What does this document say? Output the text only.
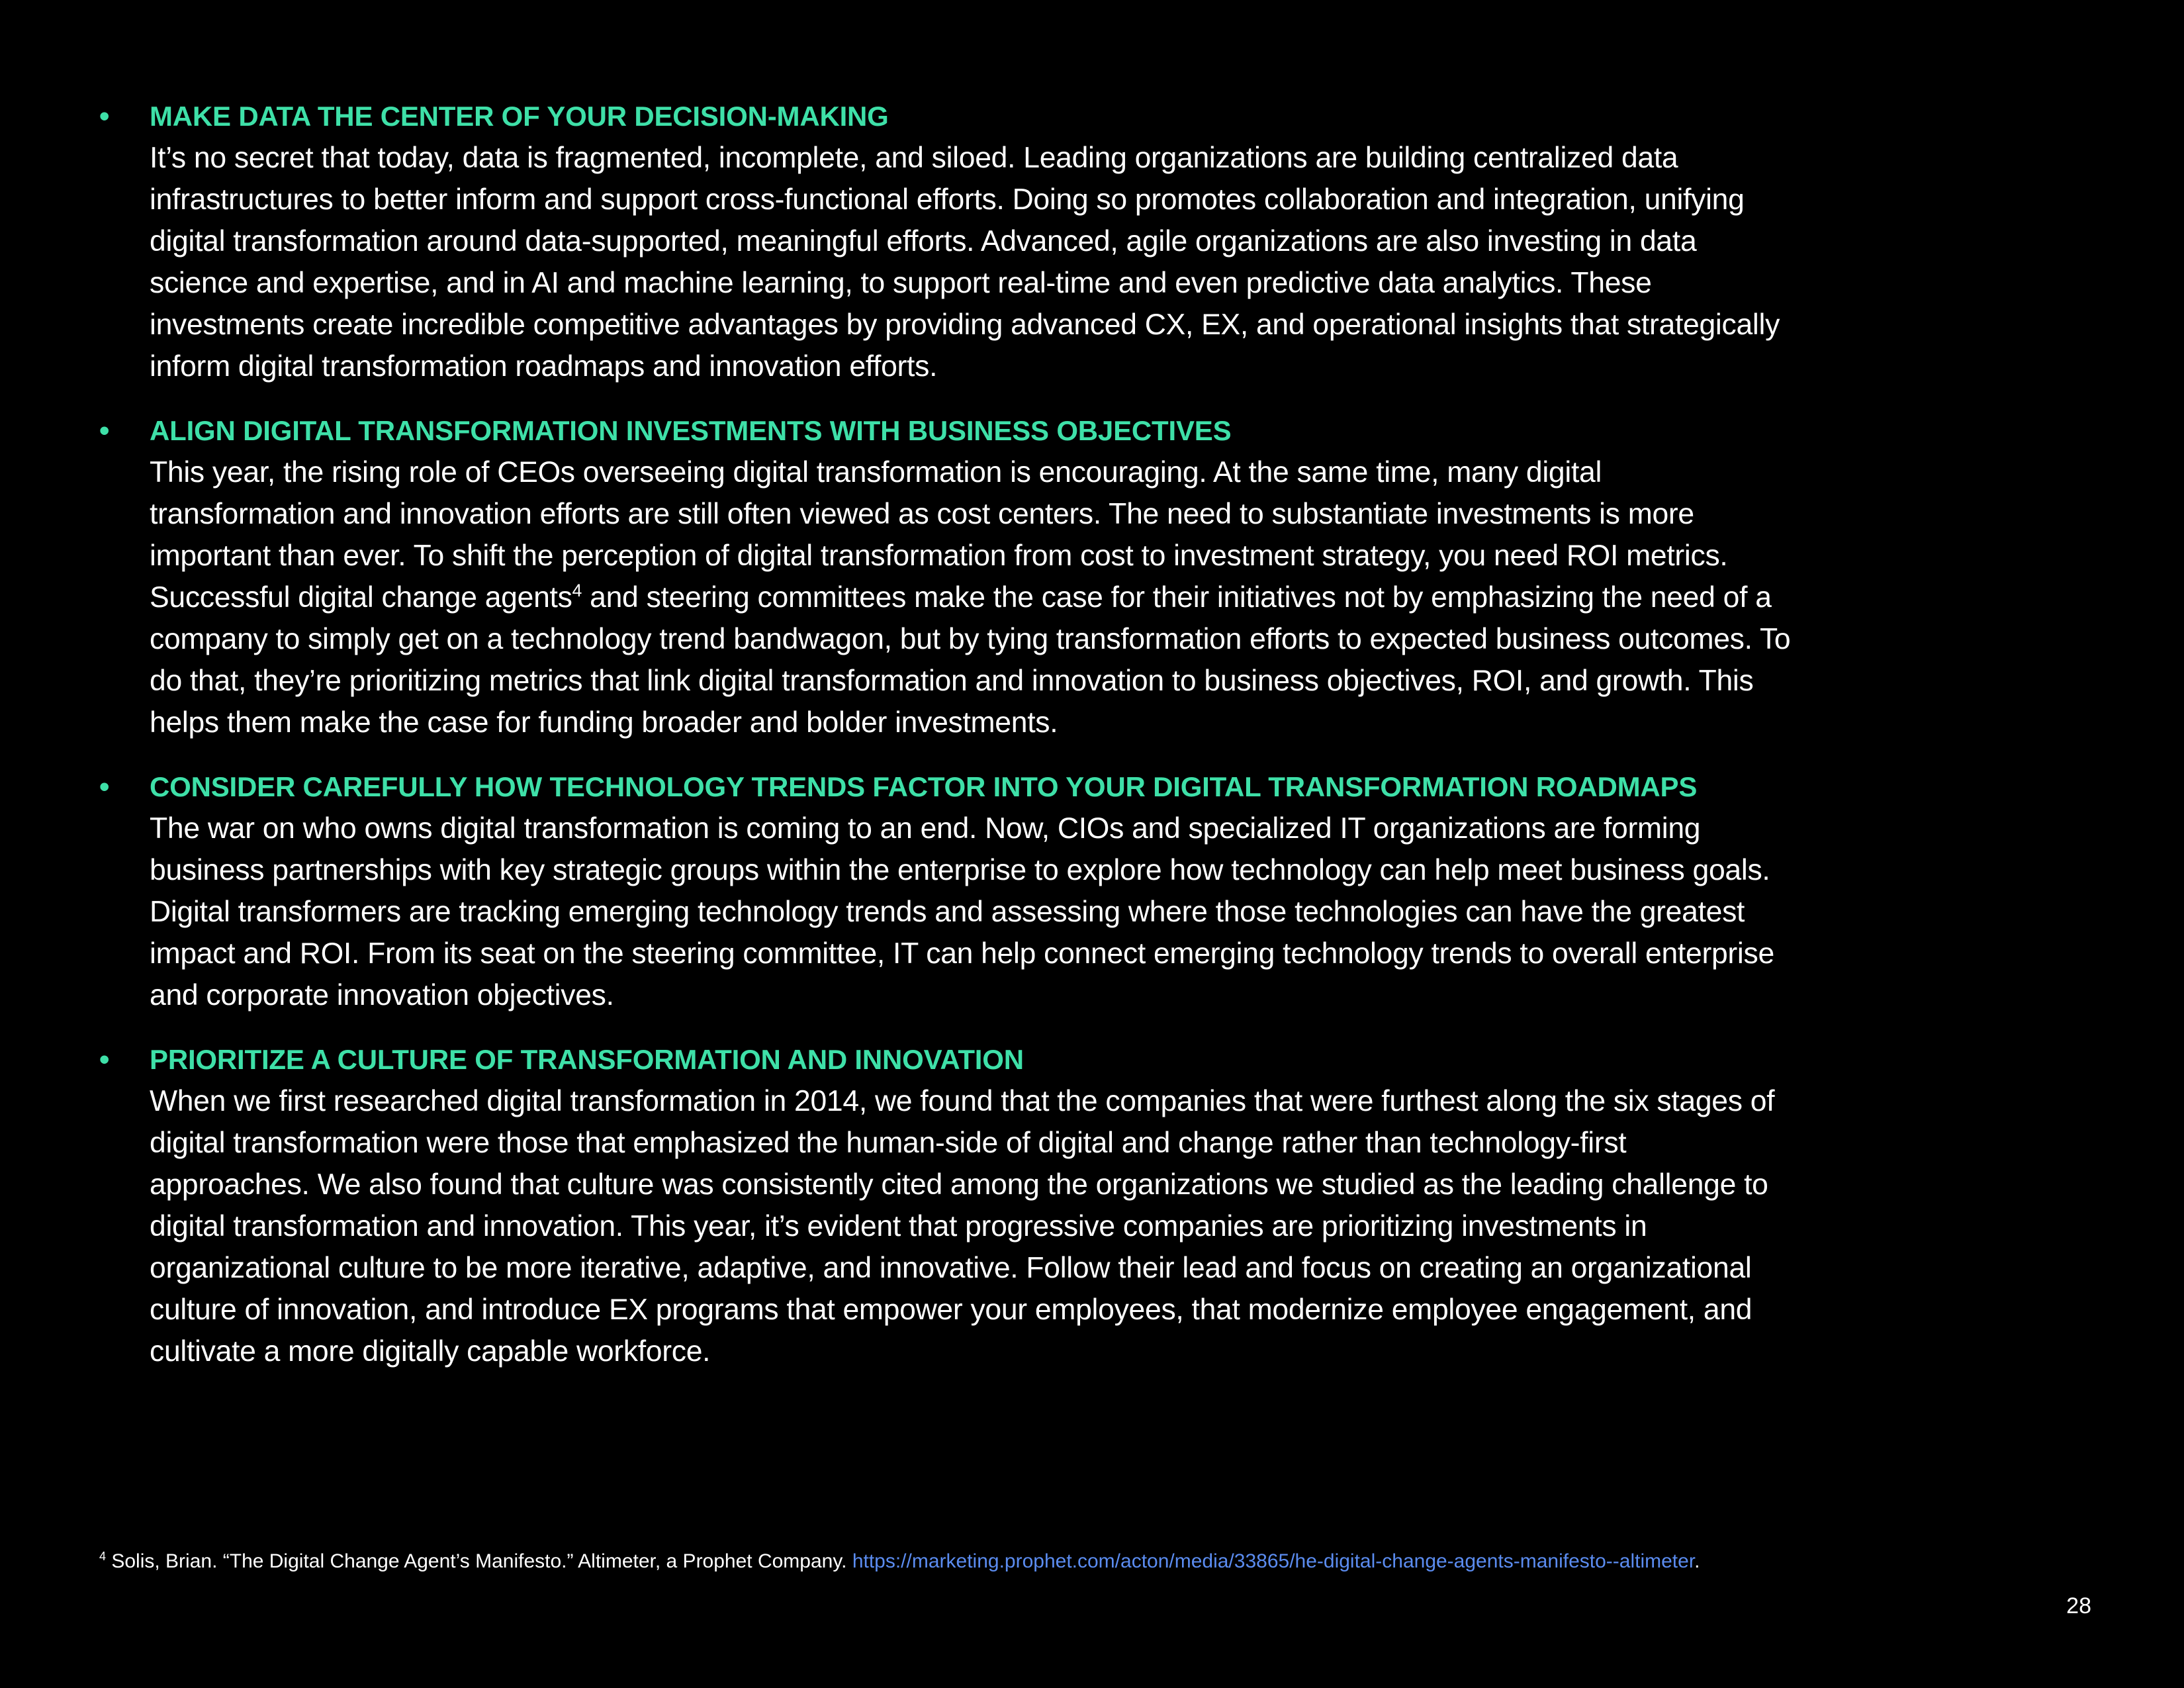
• MAKE DATA THE CENTER OF YOUR DECISION-MAKING
It’s no secret that today, data is fragmented, incomplete, and siloed. Leading organizations are building centralized data infrastructures to better inform and support cross-functional efforts. Doing so promotes collaboration and integration, unifying digital transformation around data-supported, meaningful efforts. Advanced, agile organizations are also investing in data science and expertise, and in AI and machine learning, to support real-time and even predictive data analytics. These investments create incredible competitive advantages by providing advanced CX, EX, and operational insights that strategically inform digital transformation roadmaps and innovation efforts.
• ALIGN DIGITAL TRANSFORMATION INVESTMENTS WITH BUSINESS OBJECTIVES
This year, the rising role of CEOs overseeing digital transformation is encouraging. At the same time, many digital transformation and innovation efforts are still often viewed as cost centers. The need to substantiate investments is more important than ever. To shift the perception of digital transformation from cost to investment strategy, you need ROI metrics. Successful digital change agents$^4$ and steering committees make the case for their initiatives not by emphasizing the need of a company to simply get on a technology trend bandwagon, but by tying transformation efforts to expected business outcomes. To do that, they’re prioritizing metrics that link digital transformation and innovation to business objectives, ROI, and growth. This helps them make the case for funding broader and bolder investments.
• CONSIDER CAREFULLY HOW TECHNOLOGY TRENDS FACTOR INTO YOUR DIGITAL TRANSFORMATION ROADMAPS
The war on who owns digital transformation is coming to an end. Now, CIOs and specialized IT organizations are forming business partnerships with key strategic groups within the enterprise to explore how technology can help meet business goals. Digital transformers are tracking emerging technology trends and assessing where those technologies can have the greatest impact and ROI. From its seat on the steering committee, IT can help connect emerging technology trends to overall enterprise and corporate innovation objectives.
• PRIORITIZE A CULTURE OF TRANSFORMATION AND INNOVATION
When we first researched digital transformation in 2014, we found that the companies that were furthest along the six stages of digital transformation were those that emphasized the human-side of digital and change rather than technology-first approaches. We also found that culture was consistently cited among the organizations we studied as the leading challenge to digital transformation and innovation. This year, it’s evident that progressive companies are prioritizing investments in organizational culture to be more iterative, adaptive, and innovative. Follow their lead and focus on creating an organizational culture of innovation, and introduce EX programs that empower your employees, that modernize employee engagement, and cultivate a more digitally capable workforce.
$^4$ Solis, Brian. “The Digital Change Agent’s Manifesto.” Altimeter, a Prophet Company. https://marketing.prophet.com/acton/media/33865/he-digital-change-agents-manifesto--altimeter.
28
